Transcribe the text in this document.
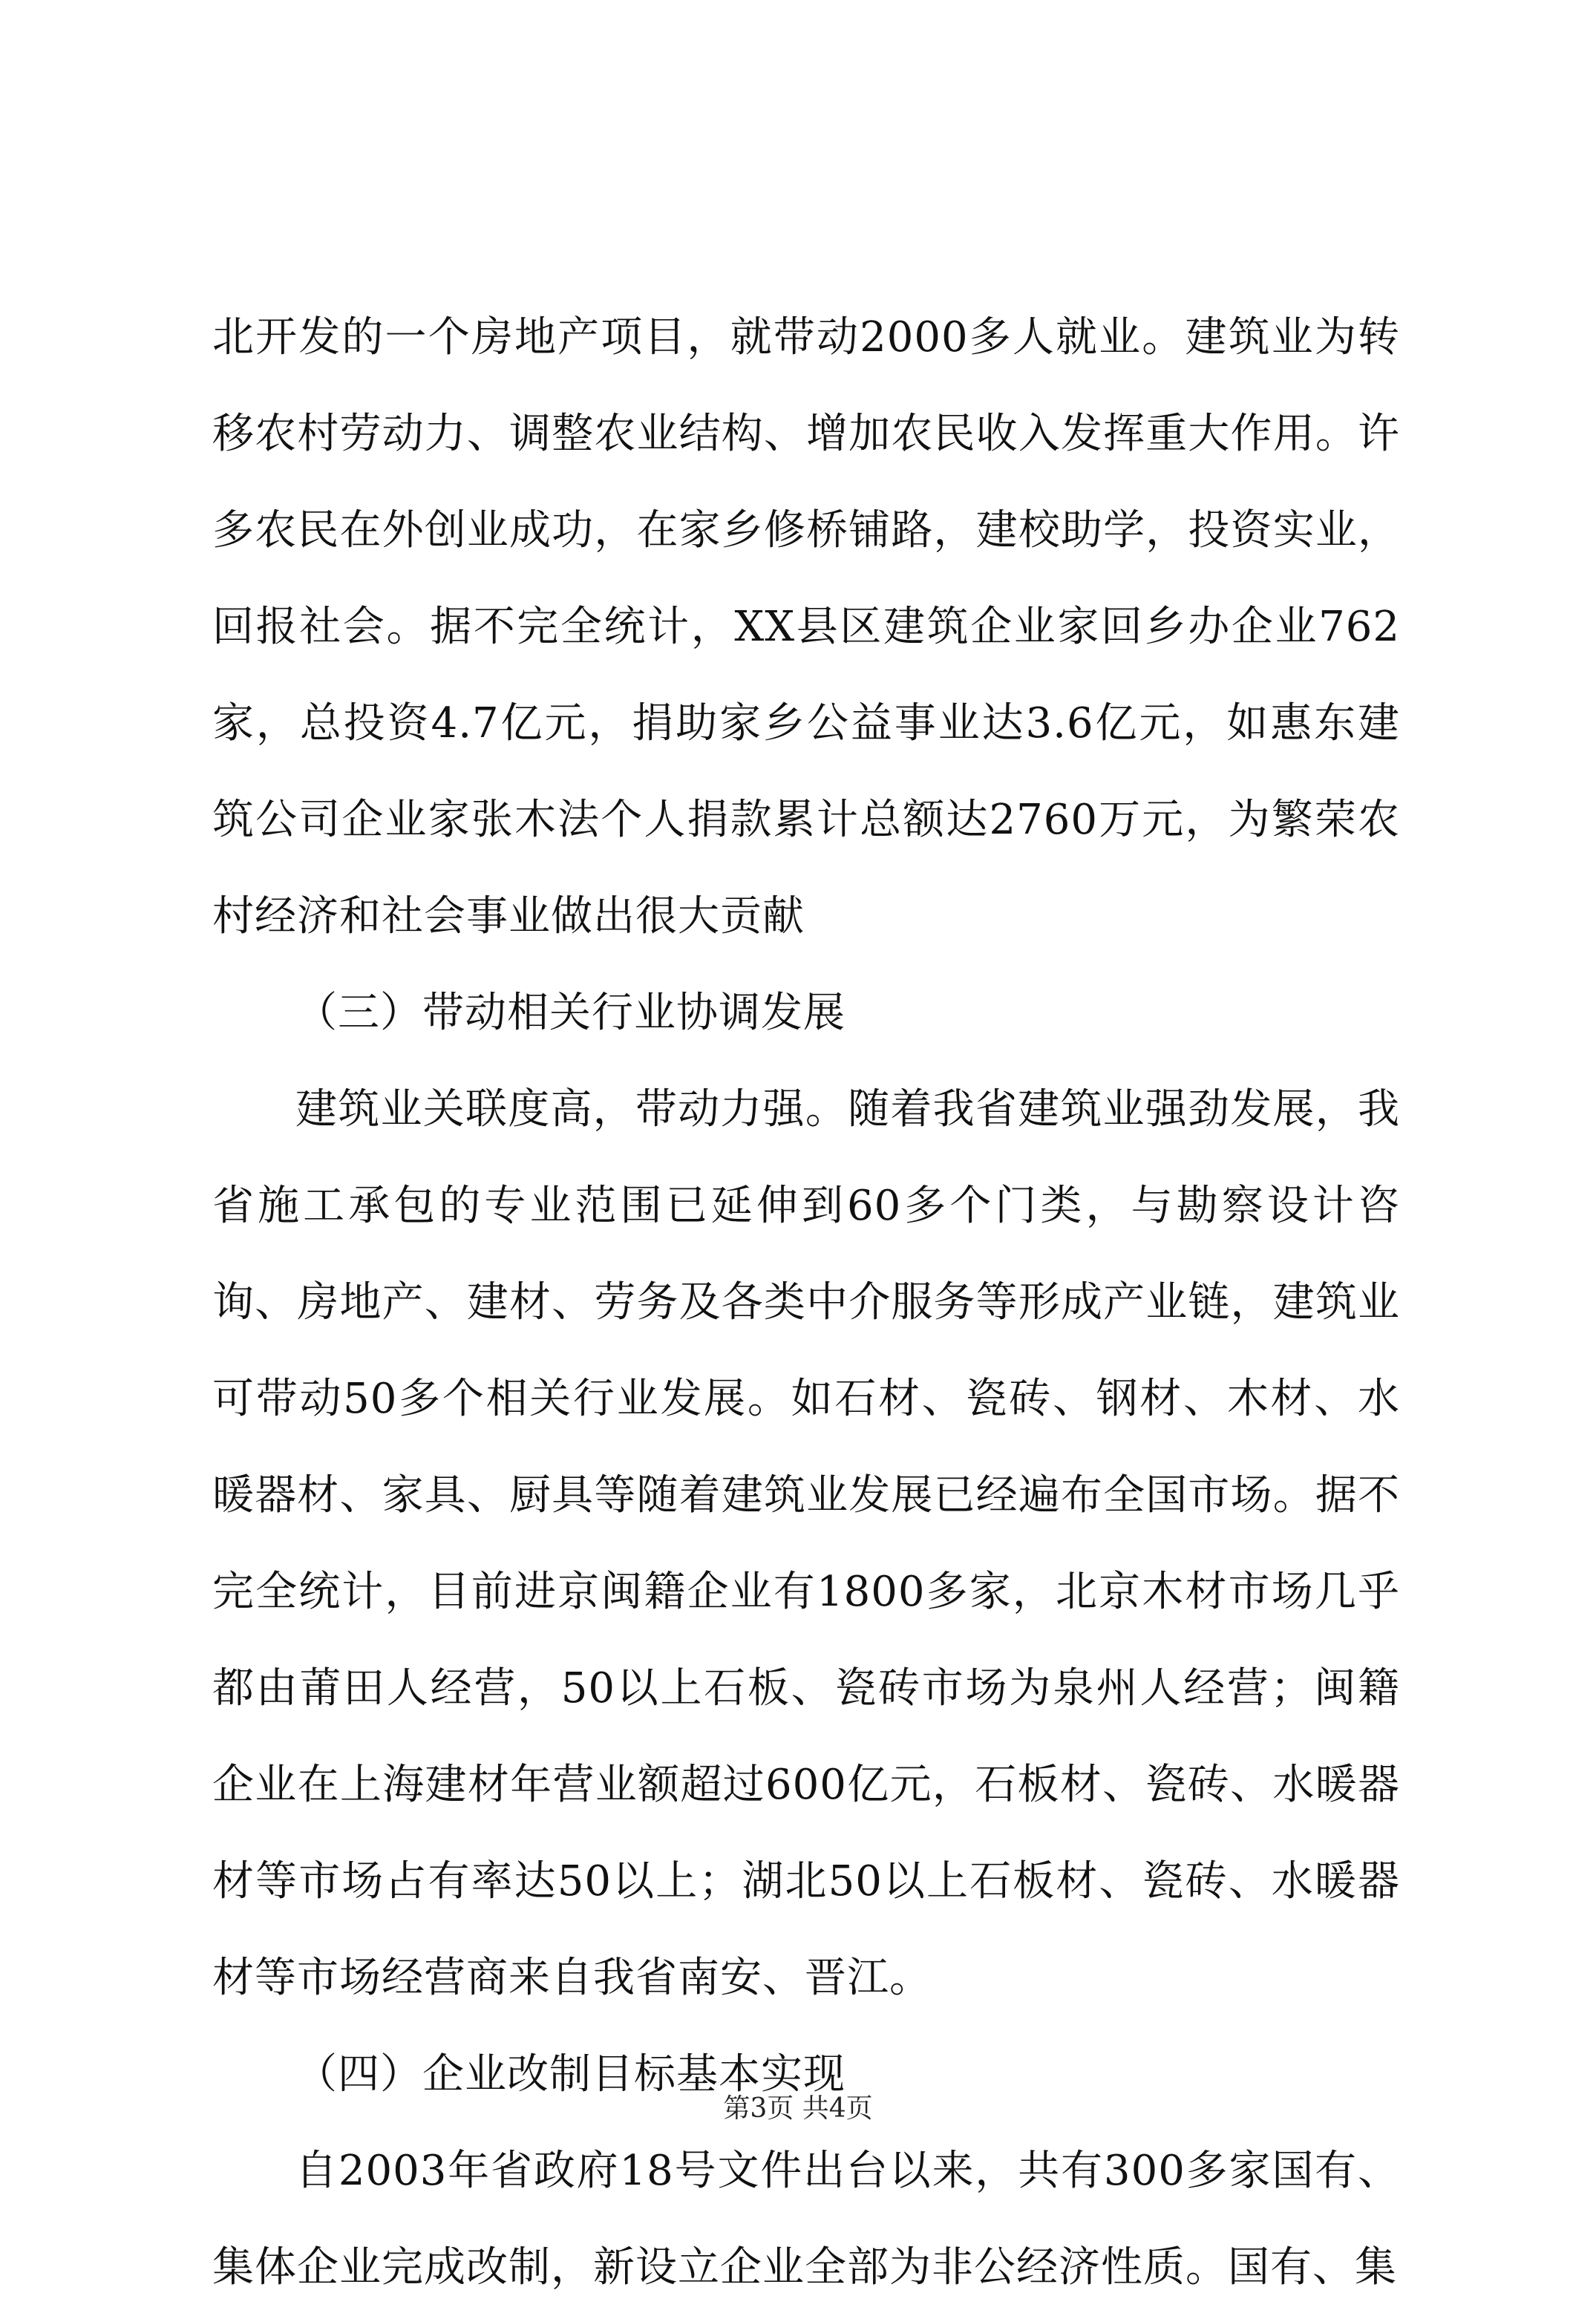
北开发的一个房地产项目，就带动2000多人就业。建筑业为转移农村劳动力、调整农业结构、增加农民收入发挥重大作用。许多农民在外创业成功，在家乡修桥铺路，建校助学，投资实业，回报社会。据不完全统计，XX县区建筑企业家回乡办企业762家，总投资4.7亿元，捐助家乡公益事业达3.6亿元，如惠东建筑公司企业家张木法个人捐款累计总额达2760万元，为繁荣农村经济和社会事业做出很大贡献

（三）带动相关行业协调发展

建筑业关联度高，带动力强。随着我省建筑业强劲发展，我省施工承包的专业范围已延伸到60多个门类，与勘察设计咨询、房地产、建材、劳务及各类中介服务等形成产业链，建筑业可带动50多个相关行业发展。如石材、瓷砖、钢材、木材、水暖器材、家具、厨具等随着建筑业发展已经遍布全国市场。据不完全统计，目前进京闽籍企业有1800多家，北京木材市场几乎都由莆田人经营，50以上石板、瓷砖市场为泉州人经营；闽籍企业在上海建材年营业额超过600亿元，石板材、瓷砖、水暖器材等市场占有率达50以上；湖北50以上石板材、瓷砖、水暖器材等市场经营商来自我省南安、晋江。

（四）企业改制目标基本实现

自2003年省政府18号文件出台以来，共有300多家国有、集体企业完成改制，新设立企业全部为非公经济性质。国有、集

第3页 共4页
